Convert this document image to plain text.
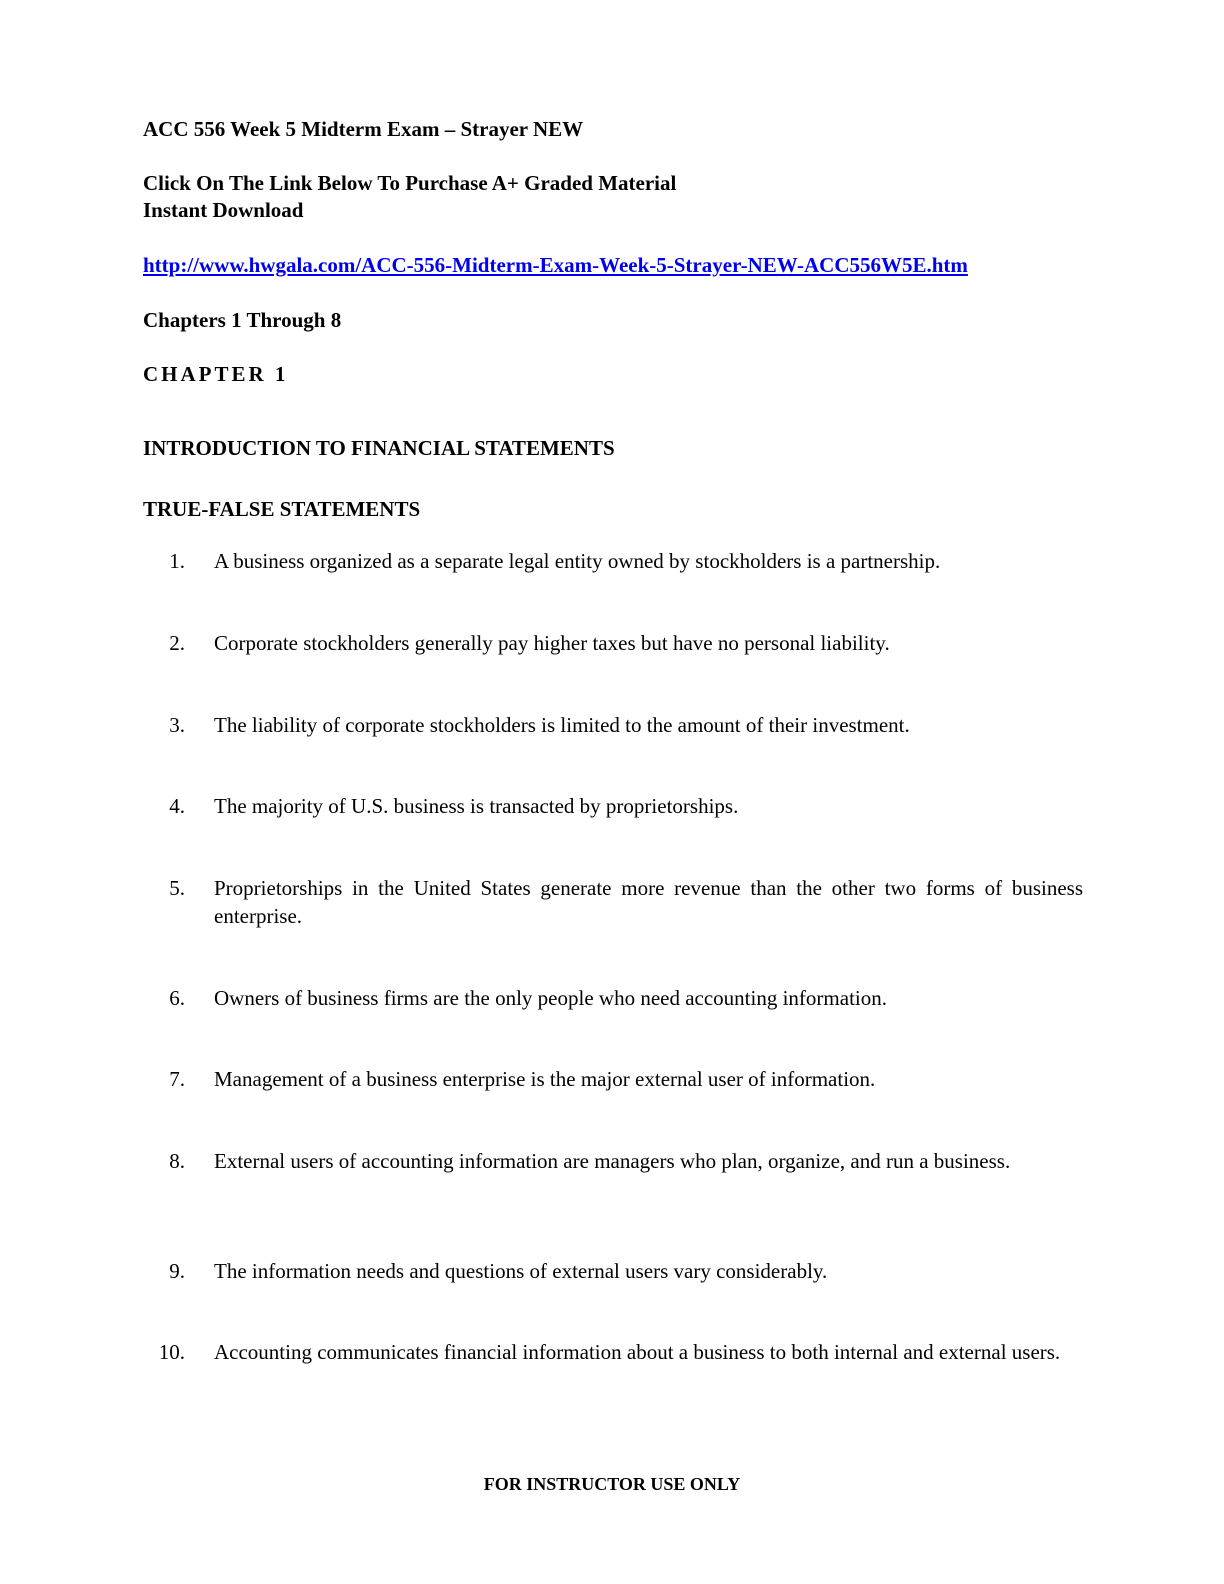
ACC 556 Week 5 Midterm Exam – Strayer NEW
Click On The Link Below To Purchase A+ Graded Material
Instant Download
http://www.hwgala.com/ACC-556-Midterm-Exam-Week-5-Strayer-NEW-ACC556W5E.htm
Chapters 1 Through 8
CHAPTER 1
INTRODUCTION TO FINANCIAL STATEMENTS
TRUE-FALSE STATEMENTS
1. A business organized as a separate legal entity owned by stockholders is a partnership.
2. Corporate stockholders generally pay higher taxes but have no personal liability.
3. The liability of corporate stockholders is limited to the amount of their investment.
4. The majority of U.S. business is transacted by proprietorships.
5. Proprietorships in the United States generate more revenue than the other two forms of business enterprise.
6. Owners of business firms are the only people who need accounting information.
7. Management of a business enterprise is the major external user of information.
8. External users of accounting information are managers who plan, organize, and run a business.
9. The information needs and questions of external users vary considerably.
10. Accounting communicates financial information about a business to both internal and external users.
FOR INSTRUCTOR USE ONLY
